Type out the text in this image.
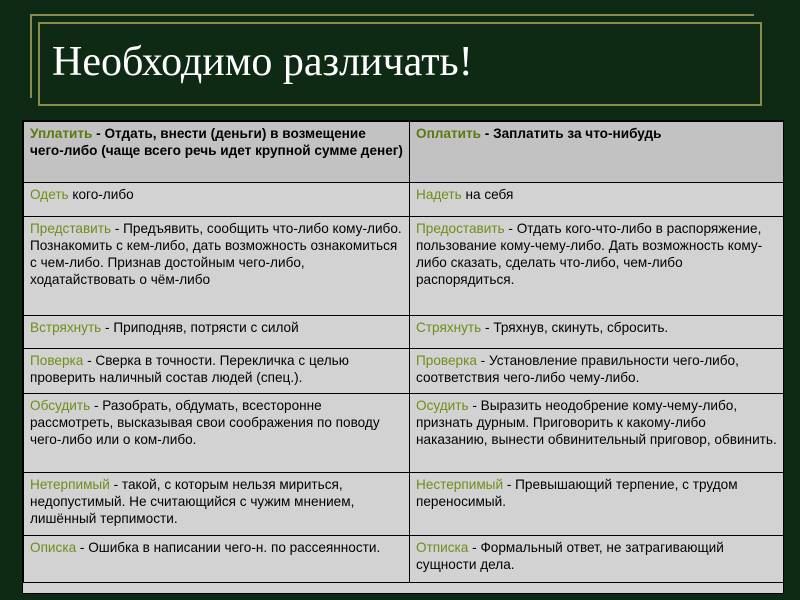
Необходимо различать!
Уплатить - Отдать, внести (деньги) в возмещение чего-либо (чаще всего речь идет крупной сумме денег)	Оплатить - Заплатить за что-нибудь
Одеть кого-либо	Надеть на себя
Представить - Предъявить, сообщить что-либо кому-либо. Познакомить с кем-либо, дать возможность ознакомиться с чем-либо. Признав достойным чего-либо, ходатайствовать о чём-либо	Предоставить - Отдать кого-что-либо в распоряжение, пользование кому-чему-либо. Дать возможность кому-либо сказать, сделать что-либо, чем-либо распорядиться.
Встряхнуть - Приподняв, потрясти с силой	Стряхнуть - Тряхнув, скинуть, сбросить.
Поверка - Сверка в точности. Перекличка с целью проверить наличный состав людей (спец.).	Проверка - Установление правильности чего-либо, соответствия чего-либо чему-либо.
Обсудить - Разобрать, обдумать, всесторонне рассмотреть, высказывая свои соображения по поводу чего-либо или о ком-либо.	Осудить - Выразить неодобрение кому-чему-либо, признать дурным. Приговорить к какому-либо наказанию, вынести обвинительный приговор, обвинить.
Нетерпимый - такой, с которым нельзя мириться, недопустимый. Не считающийся с чужим мнением, лишённый терпимости.	Нестерпимый - Превышающий терпение, с трудом переносимый.
Описка - Ошибка в написании чего-н. по рассеянности.	Отписка - Формальный ответ, не затрагивающий сущности дела.
